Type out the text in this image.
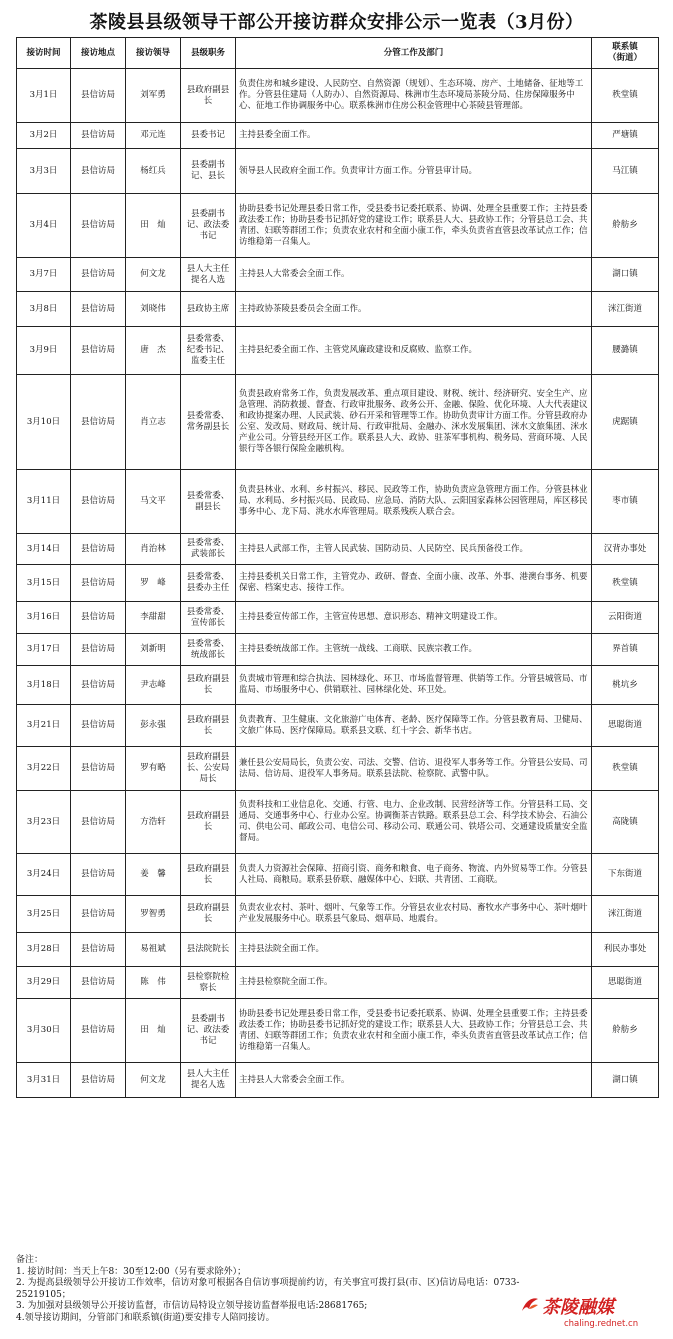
茶陵县县级领导干部公开接访群众安排公示一览表（3月份）
接访时间	接访地点	接访领导	县级职务	分管工作及部门	联系镇
（街道）
3月1日	县信访局	刘军勇	县政府副县长	负责住房和城乡建设、人民防空、自然资源（规划）、生态环境、房产、土地储备、征地等工作。分管县住建局（人防办）、自然资源局、株洲市生态环境局茶陵分局、住房保障服务中心、征地工作协调服务中心。联系株洲市住房公积金管理中心茶陵县管理部。	秩堂镇
3月2日	县信访局	邓元连	县委书记	主持县委全面工作。	严塘镇
3月3日	县信访局	杨红兵	县委副书记、县长	领导县人民政府全面工作。负责审计方面工作。分管县审计局。	马江镇
3月4日	县信访局	田　灿	县委副书记、政法委书记	协助县委书记处理县委日常工作，受县委书记委托联系、协调、处理全县重要工作；主持县委政法委工作；协助县委书记抓好党的建设工作；联系县人大、县政协工作；分管县总工会、共青团、妇联等群团工作；负责农业农村和全面小康工作，牵头负责省直管县改革试点工作；信访维稳第一召集人。	舲舫乡
3月7日	县信访局	何文龙	县人大主任提名人选	主持县人大常委会全面工作。	湖口镇
3月8日	县信访局	刘晓伟	县政协主席	主持政协茶陵县委员会全面工作。	洣江街道
3月9日	县信访局	唐　杰	县委常委、纪委书记、监委主任	主持县纪委全面工作、主管党风廉政建设和反腐败、监察工作。	腰潞镇
3月10日	县信访局	肖立志	县委常委、常务副县长	负责县政府常务工作，负责发展改革、重点项目建设、财税、统计、经济研究、安全生产、应急管理、消防救援、督查、行政审批服务、政务公开、金融、保险、优化环境、人大代表建议和政协提案办理、人民武装、砂石开采和管理等工作。协助负责审计方面工作。分管县政府办公室、发改局、财政局、统计局、行政审批局、金融办、洣水发展集团、洣水文旅集团、洣水产业公司。分管县经开区工作。联系县人大、政协、驻茶军事机构、税务局、营商环境、人民银行等各银行保险金融机构。	虎踞镇
3月11日	县信访局	马文平	县委常委、副县长	负责县林业、水利、乡村振兴、移民、民政等工作，协助负责应急管理方面工作。分管县林业局、水利局、乡村振兴局、民政局、应急局、消防大队、云阳国家森林公园管理局，库区移民事务中心、龙下局、洮水水库管理局。联系残疾人联合会。	枣市镇
3月14日	县信访局	肖治林	县委常委、武装部长	主持县人武部工作，主管人民武装、国防动员、人民防空、民兵预备役工作。	汉背办事处
3月15日	县信访局	罗　峰	县委常委、县委办主任	主持县委机关日常工作，主管党办、政研、督查、全面小康、改革、外事、港澳台事务、机要保密、档案史志、接待工作。	秩堂镇
3月16日	县信访局	李甜甜	县委常委、宣传部长	主持县委宣传部工作，主管宣传思想、意识形态、精神文明建设工作。	云阳街道
3月17日	县信访局	刘新明	县委常委、统战部长	主持县委统战部工作。主管统一战线、工商联、民族宗教工作。	界首镇
3月18日	县信访局	尹志峰	县政府副县长	负责城市管理和综合执法、园林绿化、环卫、市场监督管理、供销等工作。分管县城管局、市监局、市场服务中心、供销联社、园林绿化处、环卫处。	桃坑乡
3月21日	县信访局	彭永强	县政府副县长	负责教育、卫生健康、文化旅游广电体育、老龄、医疗保障等工作。分管县教育局、卫健局、文旅广体局、医疗保障局。联系县文联、红十字会、新华书店。	思聪街道
3月22日	县信访局	罗有略	县政府副县长、公安局局长	兼任县公安局局长，负责公安、司法、交警、信访、退役军人事务等工作。分管县公安局、司法局、信访局、退役军人事务局。联系县法院、检察院、武警中队。	秩堂镇
3月23日	县信访局	方浩轩	县政府副县长	负责科技和工业信息化、交通、行管、电力、企业改制、民营经济等工作。分管县科工局、交通局、交通事务中心、行业办公室。协调衡茶吉铁路。联系县总工会、科学技术协会、石油公司、供电公司、邮政公司、电信公司、移动公司、联通公司、铁塔公司、交通建设质量安全监督局。	高陇镇
3月24日	县信访局	姜　馨	县政府副县长	负责人力资源社会保障、招商引资、商务和粮食、电子商务、物流、内外贸易等工作。分管县人社局、商粮局。联系县侨联、融媒体中心、妇联、共青团、工商联。	下东街道
3月25日	县信访局	罗智勇	县政府副县长	负责农业农村、茶叶、烟叶、气象等工作。分管县农业农村局、畜牧水产事务中心、茶叶烟叶产业发展服务中心。联系县气象局、烟草局、地震台。	洣江街道
3月28日	县信访局	易祖斌	县法院院长	主持县法院全面工作。	利民办事处
3月29日	县信访局	陈　伟	县检察院检察长	主持县检察院全面工作。	思聪街道
3月30日	县信访局	田　灿	县委副书记、政法委书记	协助县委书记处理县委日常工作，受县委书记委托联系、协调、处理全县重要工作；主持县委政法委工作；协助县委书记抓好党的建设工作；联系县人大、县政协工作；分管县总工会、共青团、妇联等群团工作；负责农业农村和全面小康工作，牵头负责省直管县改革试点工作；信访维稳第一召集人。	舲舫乡
3月31日	县信访局	何文龙	县人大主任提名人选	主持县人大常委会全面工作。	湖口镇
备注：
1. 接访时间：当天上午8：30至12:00（另有要求除外）；
2. 为提高县级领导公开接访工作效率，信访对象可根据各自信访事项提前约访，有关事宜可拨打县(市、区)信访局电话：0733-
25219105；
3. 为加强对县级领导公开接访监督，市信访局特设立领导接访监督举报电话:28681765;
4.领导接访期间，分管部门和联系镇(街道)要安排专人陪同接访。	茶陵融媒
chaling.rednet.cn
